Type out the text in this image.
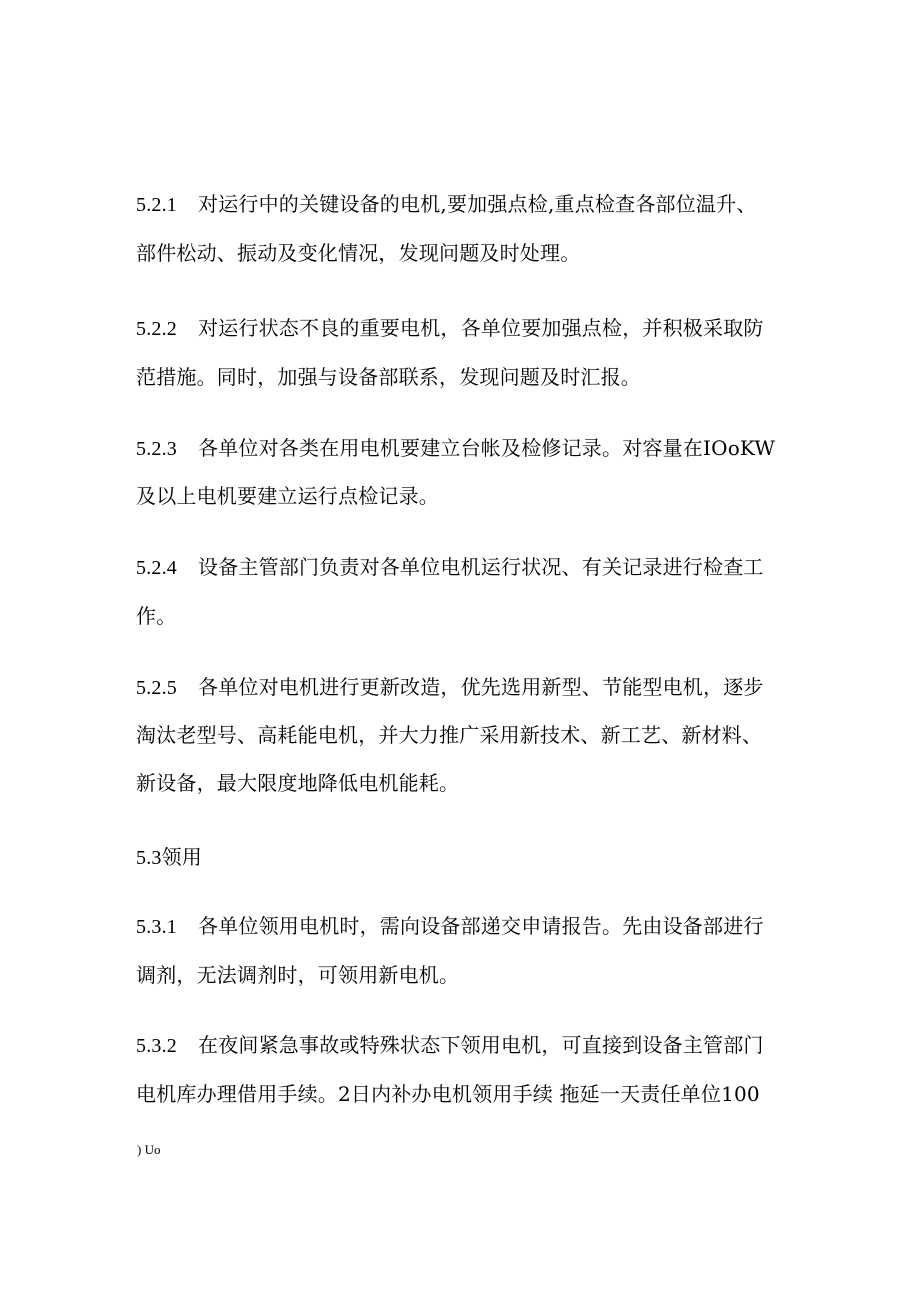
5.2.1 对运行中的关键设备的电机,要加强点检,重点检查各部位温升、

部件松动、振动及变化情况，发现问题及时处理。

5.2.2 对运行状态不良的重要电机，各单位要加强点检，并积极采取防

范措施。同时，加强与设备部联系，发现问题及时汇报。

5.2.3 各单位对各类在用电机要建立台帐及检修记录。对容量在IOoKW

及以上电机要建立运行点检记录。

5.2.4 设备主管部门负责对各单位电机运行状况、有关记录进行检查工

作。

5.2.5 各单位对电机进行更新改造，优先选用新型、节能型电机，逐步

淘汰老型号、高耗能电机，并大力推广采用新技术、新工艺、新材料、

新设备，最大限度地降低电机能耗。

5.3领用

5.3.1 各单位领用电机时，需向设备部递交申请报告。先由设备部进行

调剂，无法调剂时，可领用新电机。

5.3.2 在夜间紧急事故或特殊状态下领用电机，可直接到设备主管部门

电机库办理借用手续。2日内补办电机领用手续 拖延一天责任单位100

) Uo
